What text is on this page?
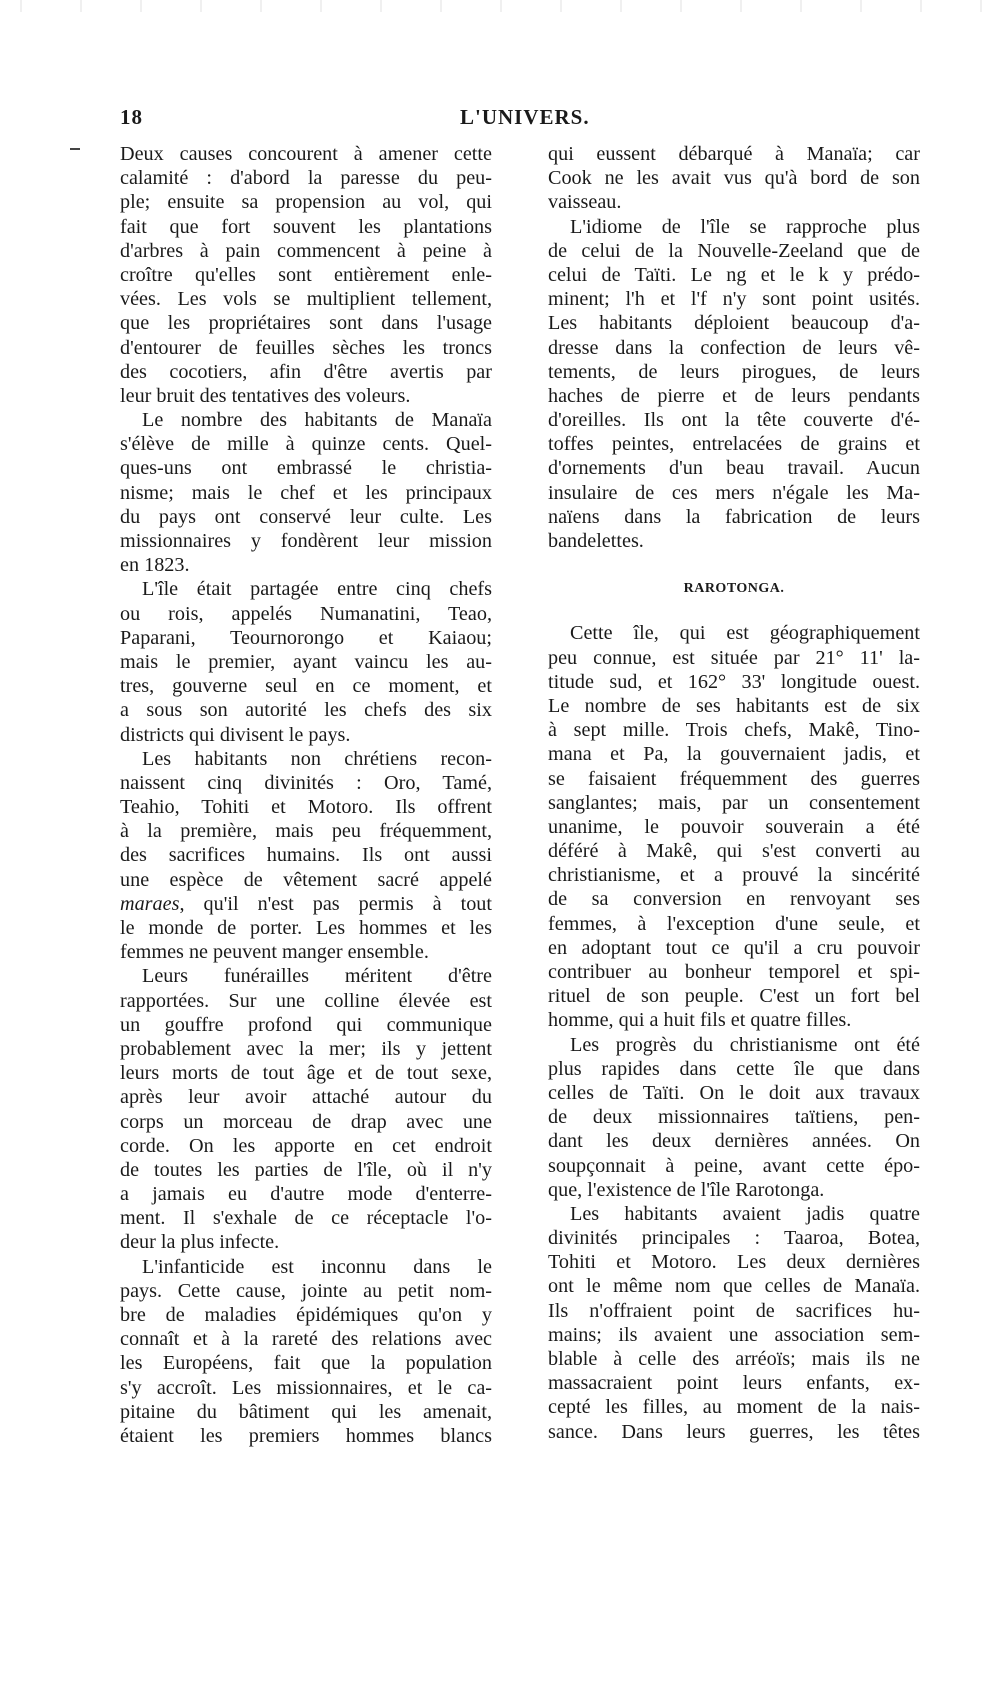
18	L'UNIVERS.
Deux causes concourent à amener cette
calamité : d'abord la paresse du peu-
ple; ensuite sa propension au vol, qui
fait que fort souvent les plantations
d'arbres à pain commencent à peine à
croître qu'elles sont entièrement enle-
vées. Les vols se multiplient tellement,
que les propriétaires sont dans l'usage
d'entourer de feuilles sèches les troncs
des cocotiers, afin d'être avertis par
leur bruit des tentatives des voleurs.
Le nombre des habitants de Manaïa
s'élève de mille à quinze cents. Quel-
ques-uns ont embrassé le christia-
nisme; mais le chef et les principaux
du pays ont conservé leur culte. Les
missionnaires y fondèrent leur mission
en 1823.
L'île était partagée entre cinq chefs
ou rois, appelés Numanatini, Teao,
Paparani, Teournorongo et Kaiaou;
mais le premier, ayant vaincu les au-
tres, gouverne seul en ce moment, et
a sous son autorité les chefs des six
districts qui divisent le pays.
Les habitants non chrétiens recon-
naissent cinq divinités : Oro, Tamé,
Teahio, Tohiti et Motoro. Ils offrent
à la première, mais peu fréquemment,
des sacrifices humains. Ils ont aussi
une espèce de vêtement sacré appelé
maraes, qu'il n'est pas permis à tout
le monde de porter. Les hommes et les
femmes ne peuvent manger ensemble.
Leurs funérailles méritent d'être
rapportées. Sur une colline élevée est
un gouffre profond qui communique
probablement avec la mer; ils y jettent
leurs morts de tout âge et de tout sexe,
après leur avoir attaché autour du
corps un morceau de drap avec une
corde. On les apporte en cet endroit
de toutes les parties de l'île, où il n'y
a jamais eu d'autre mode d'enterre-
ment. Il s'exhale de ce réceptacle l'o-
deur la plus infecte.
L'infanticide est inconnu dans le
pays. Cette cause, jointe au petit nom-
bre de maladies épidémiques qu'on y
connaît et à la rareté des relations avec
les Européens, fait que la population
s'y accroît. Les missionnaires, et le ca-
pitaine du bâtiment qui les amenait,
étaient les premiers hommes blancs
qui eussent débarqué à Manaïa; car
Cook ne les avait vus qu'à bord de son
vaisseau.
L'idiome de l'île se rapproche plus
de celui de la Nouvelle-Zeeland que de
celui de Taïti. Le ng et le k y prédo-
minent; l'h et l'f n'y sont point usités.
Les habitants déploient beaucoup d'a-
dresse dans la confection de leurs vê-
tements, de leurs pirogues, de leurs
haches de pierre et de leurs pendants
d'oreilles. Ils ont la tête couverte d'é-
toffes peintes, entrelacées de grains et
d'ornements d'un beau travail. Aucun
insulaire de ces mers n'égale les Ma-
naïens dans la fabrication de leurs
bandelettes.
RAROTONGA.
Cette île, qui est géographiquement
peu connue, est située par 21° 11' la-
titude sud, et 162° 33' longitude ouest.
Le nombre de ses habitants est de six
à sept mille. Trois chefs, Makê, Tino-
mana et Pa, la gouvernaient jadis, et
se faisaient fréquemment des guerres
sanglantes; mais, par un consentement
unanime, le pouvoir souverain a été
déféré à Makê, qui s'est converti au
christianisme, et a prouvé la sincérité
de sa conversion en renvoyant ses
femmes, à l'exception d'une seule, et
en adoptant tout ce qu'il a cru pouvoir
contribuer au bonheur temporel et spi-
rituel de son peuple. C'est un fort bel
homme, qui a huit fils et quatre filles.
Les progrès du christianisme ont été
plus rapides dans cette île que dans
celles de Taïti. On le doit aux travaux
de deux missionnaires taïtiens, pen-
dant les deux dernières années. On
soupçonnait à peine, avant cette épo-
que, l'existence de l'île Rarotonga.
Les habitants avaient jadis quatre
divinités principales : Taaroa, Botea,
Tohiti et Motoro. Les deux dernières
ont le même nom que celles de Manaïa.
Ils n'offraient point de sacrifices hu-
mains; ils avaient une association sem-
blable à celle des arréoïs; mais ils ne
massacraient point leurs enfants, ex-
cepté les filles, au moment de la nais-
sance. Dans leurs guerres, les têtes
